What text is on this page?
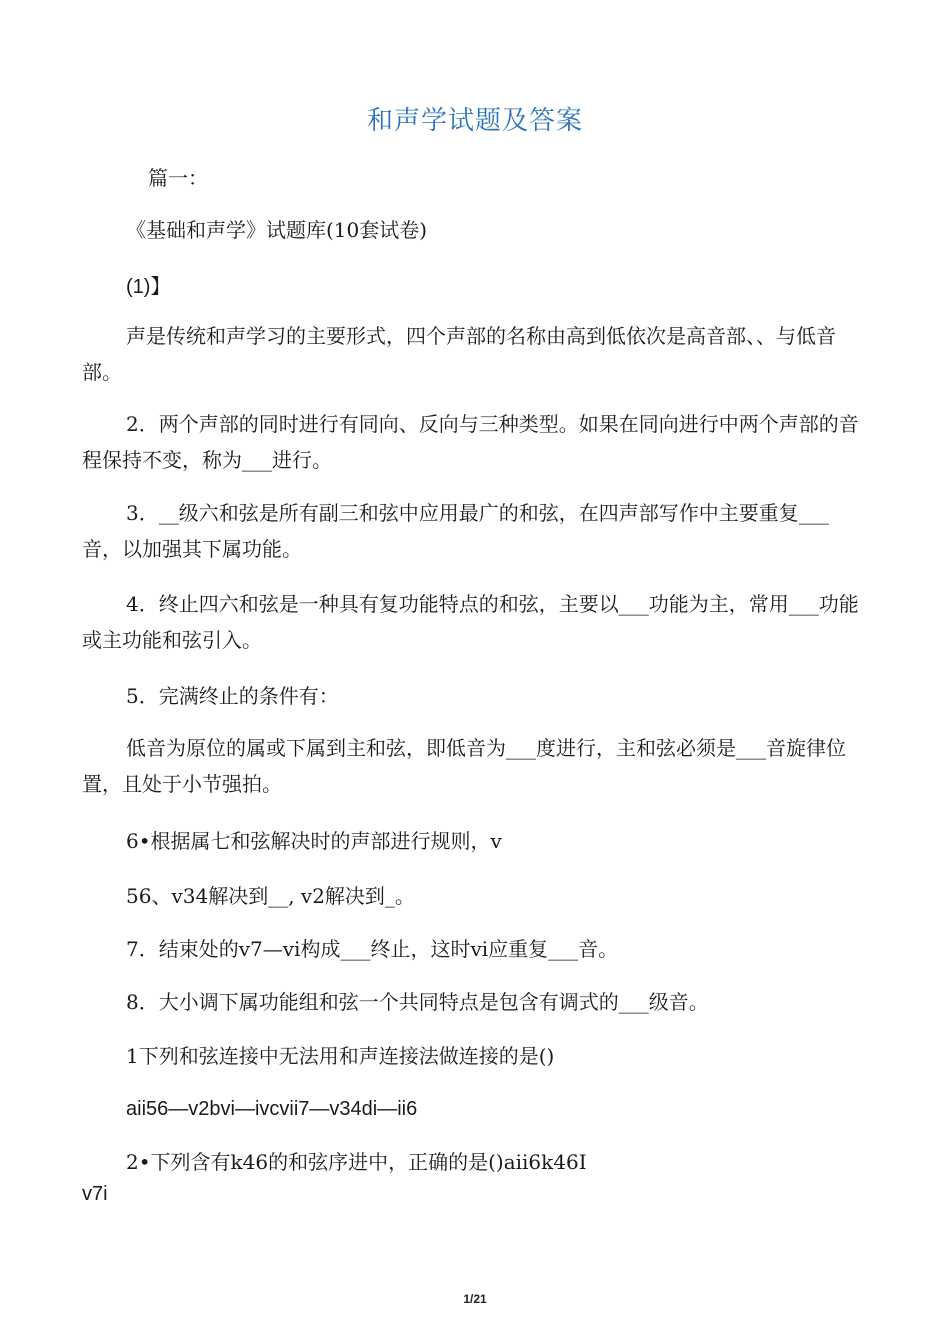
和声学试题及答案

篇一：

《基础和声学》试题库(10套试卷)

(1)】

声是传统和声学习的主要形式，四个声部的名称由高到低依次是高音部、、与低音部。

2．两个声部的同时进行有同向、反向与三种类型。如果在同向进行中两个声部的音程保持不变，称为___进行。

3．__级六和弦是所有副三和弦中应用最广的和弦，在四声部写作中主要重复___音，以加强其下属功能。

4．终止四六和弦是一种具有复功能特点的和弦，主要以___功能为主，常用___功能或主功能和弦引入。

5．完满终止的条件有：

低音为原位的属或下属到主和弦，即低音为___度进行，主和弦必须是___音旋律位置，且处于小节强拍。

6•根据属七和弦解决时的声部进行规则，v

56、v34解决到__, v2解决到_。

7．结束处的v7—vi构成___终止，这时vi应重复___音。

8．大小调下属功能组和弦一个共同特点是包含有调式的___级音。

1下列和弦连接中无法用和声连接法做连接的是()

aii56—v2bvi—ivcvii7—v34di—ii6

2•下列含有k46的和弦序进中，正确的是()aii6k46Ⅰ

v7i

1/21
